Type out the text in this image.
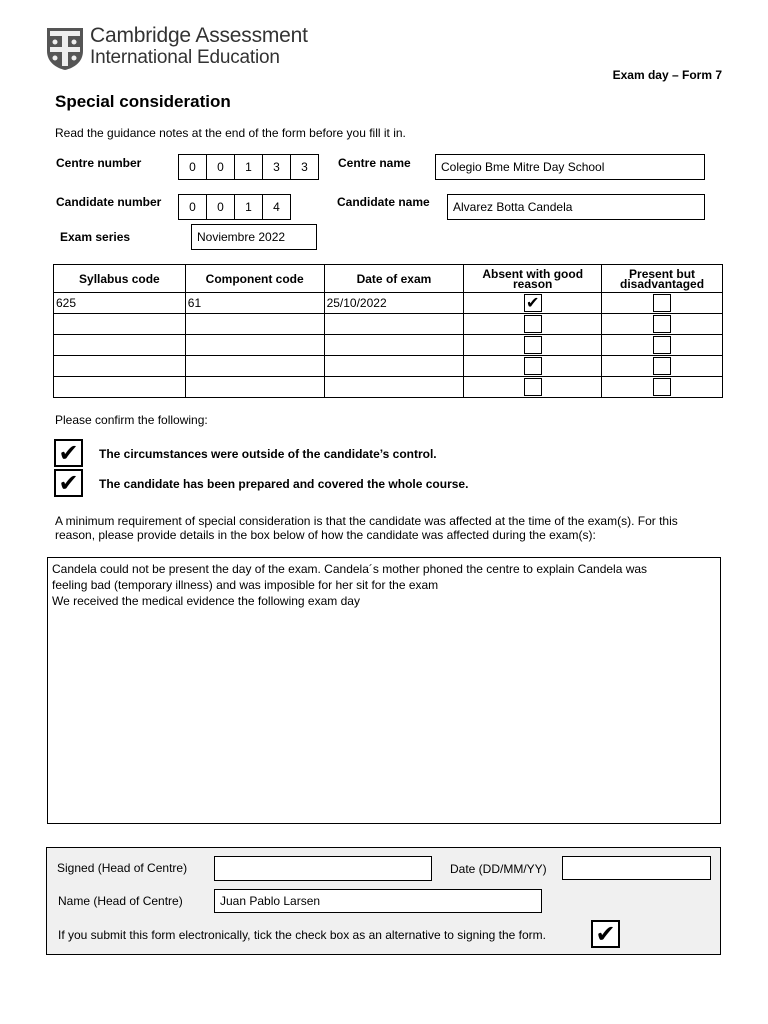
Cambridge Assessment
International Education
Exam day – Form 7
Special consideration
Read the guidance notes at the end of the form before you fill it in.
Centre number	0	0	1	3	3	Centre name	Colegio Bme Mitre Day School
Candidate number	0	0	1	4	Candidate name	Alvarez Botta Candela
Exam series	Noviembre 2022
Syllabus code	Component code	Date of exam	Absent with good reason	Present but disadvantaged
625	61	25/10/2022	✔	

Please confirm the following:
✔ The circumstances were outside of the candidate’s control.
✔ The candidate has been prepared and covered the whole course.
A minimum requirement of special consideration is that the candidate was affected at the time of the exam(s). For this reason, please provide details in the box below of how the candidate was affected during the exam(s):
Candela could not be present the day of the exam. Candela´s mother phoned the centre to explain Candela was
feeling bad (temporary illness) and was imposible for her sit for the exam
We received the medical evidence the following exam day
Signed (Head of Centre)	Date (DD/MM/YY)
Name (Head of Centre)	Juan Pablo Larsen
If you submit this form electronically, tick the check box as an alternative to signing the form. ✔
